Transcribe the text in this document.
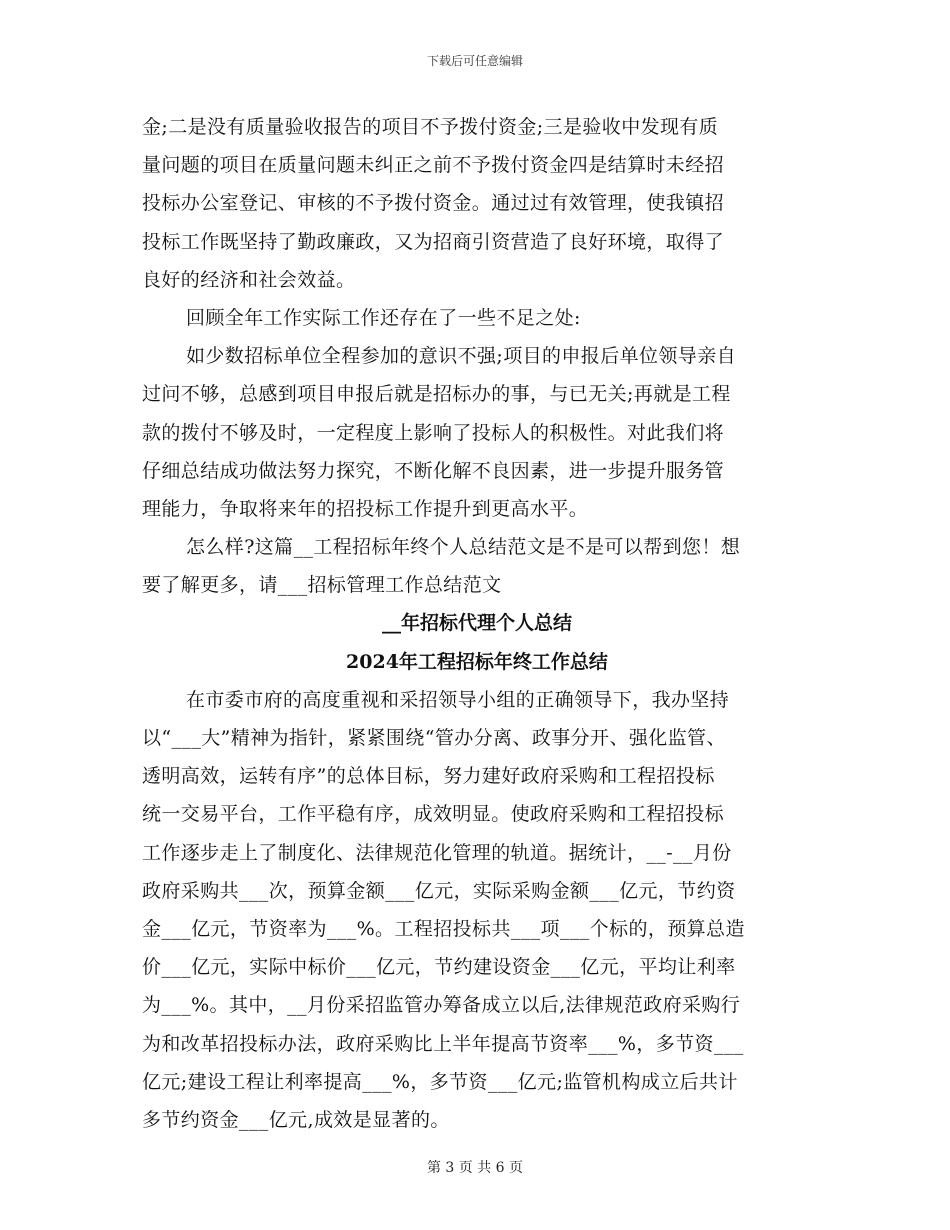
下载后可任意编辑
金;二是没有质量验收报告的项目不予拨付资金;三是验收中发现有质
量问题的项目在质量问题未纠正之前不予拨付资金四是结算时未经招
投标办公室登记、审核的不予拨付资金。通过过有效管理，使我镇招
投标工作既坚持了勤政廉政，又为招商引资营造了良好环境，取得了
良好的经济和社会效益。
回顾全年工作实际工作还存在了一些不足之处:
如少数招标单位全程参加的意识不强;项目的申报后单位领导亲自
过问不够，总感到项目申报后就是招标办的事，与已无关;再就是工程
款的拨付不够及时，一定程度上影响了投标人的积极性。对此我们将
仔细总结成功做法努力探究，不断化解不良因素，进一步提升服务管
理能力，争取将来年的招投标工作提升到更高水平。
怎么样?这篇__工程招标年终个人总结范文是不是可以帮到您！想
要了解更多，请___招标管理工作总结范文
__年招标代理个人总结
2024年工程招标年终工作总结
在市委市府的高度重视和采招领导小组的正确领导下，我办坚持
以“___大”精神为指针，紧紧围绕“管办分离、政事分开、强化监管、
透明高效，运转有序”的总体目标，努力建好政府采购和工程招投标
统一交易平台，工作平稳有序，成效明显。使政府采购和工程招投标
工作逐步走上了制度化、法律规范化管理的轨道。据统计，__-__月份
政府采购共___次，预算金额___亿元，实际采购金额___亿元，节约资
金___亿元，节资率为___%。工程招投标共___项___个标的，预算总造
价___亿元，实际中标价___亿元，节约建设资金___亿元，平均让利率
为___%。其中，__月份采招监管办筹备成立以后,法律规范政府采购行
为和改革招投标办法，政府采购比上半年提高节资率___%，多节资___
亿元;建设工程让利率提高___%，多节资___亿元;监管机构成立后共计
多节约资金___亿元,成效是显著的。
第 3 页 共 6 页
